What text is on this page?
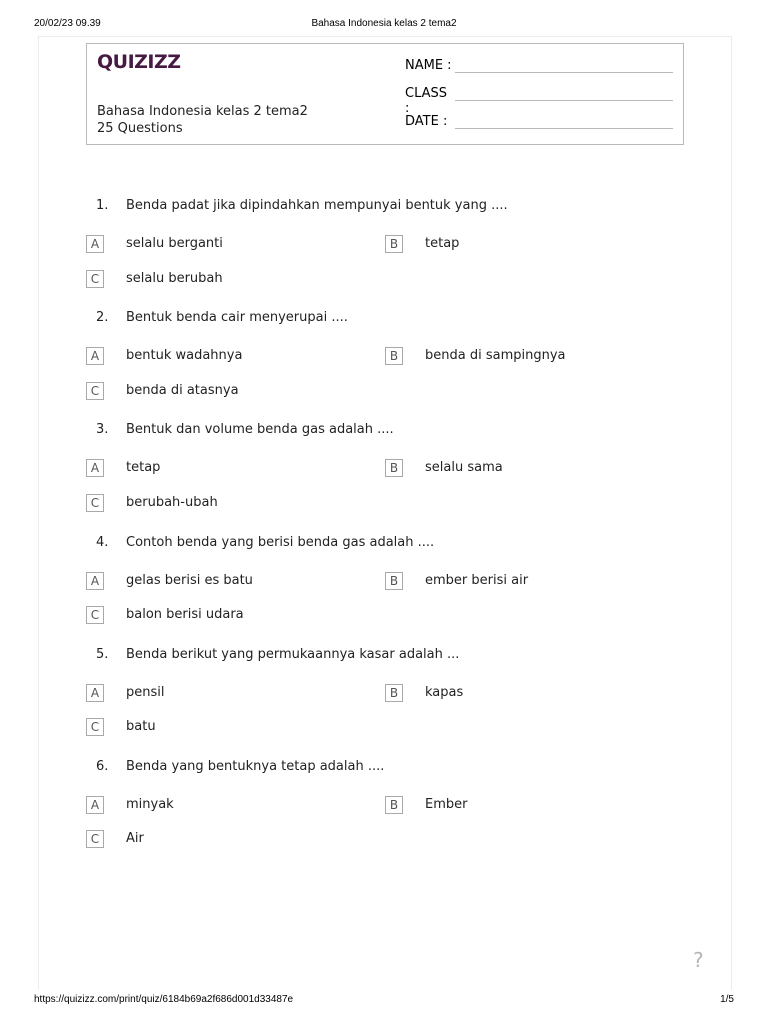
20/02/23 09.39	Bahasa Indonesia kelas 2 tema2
QUIZIZZ
Bahasa Indonesia kelas 2 tema2
25 Questions
NAME :
CLASS :
DATE :
1. Benda padat jika dipindahkan mempunyai bentuk yang ....
A	selalu berganti	B	tetap
C	selalu berubah
2. Bentuk benda cair menyerupai ....
A	bentuk wadahnya	B	benda di sampingnya
C	benda di atasnya
3. Bentuk dan volume benda gas adalah ....
A	tetap	B	selalu sama
C	berubah-ubah
4. Contoh benda yang berisi benda gas adalah ....
A	gelas berisi es batu	B	ember berisi air
C	balon berisi udara
5. Benda berikut yang permukaannya kasar adalah ...
A	pensil	B	kapas
C	batu
6. Benda yang bentuknya tetap adalah ....
A	minyak	B	Ember
C	Air
?
https://quizizz.com/print/quiz/6184b69a2f686d001d33487e	1/5
